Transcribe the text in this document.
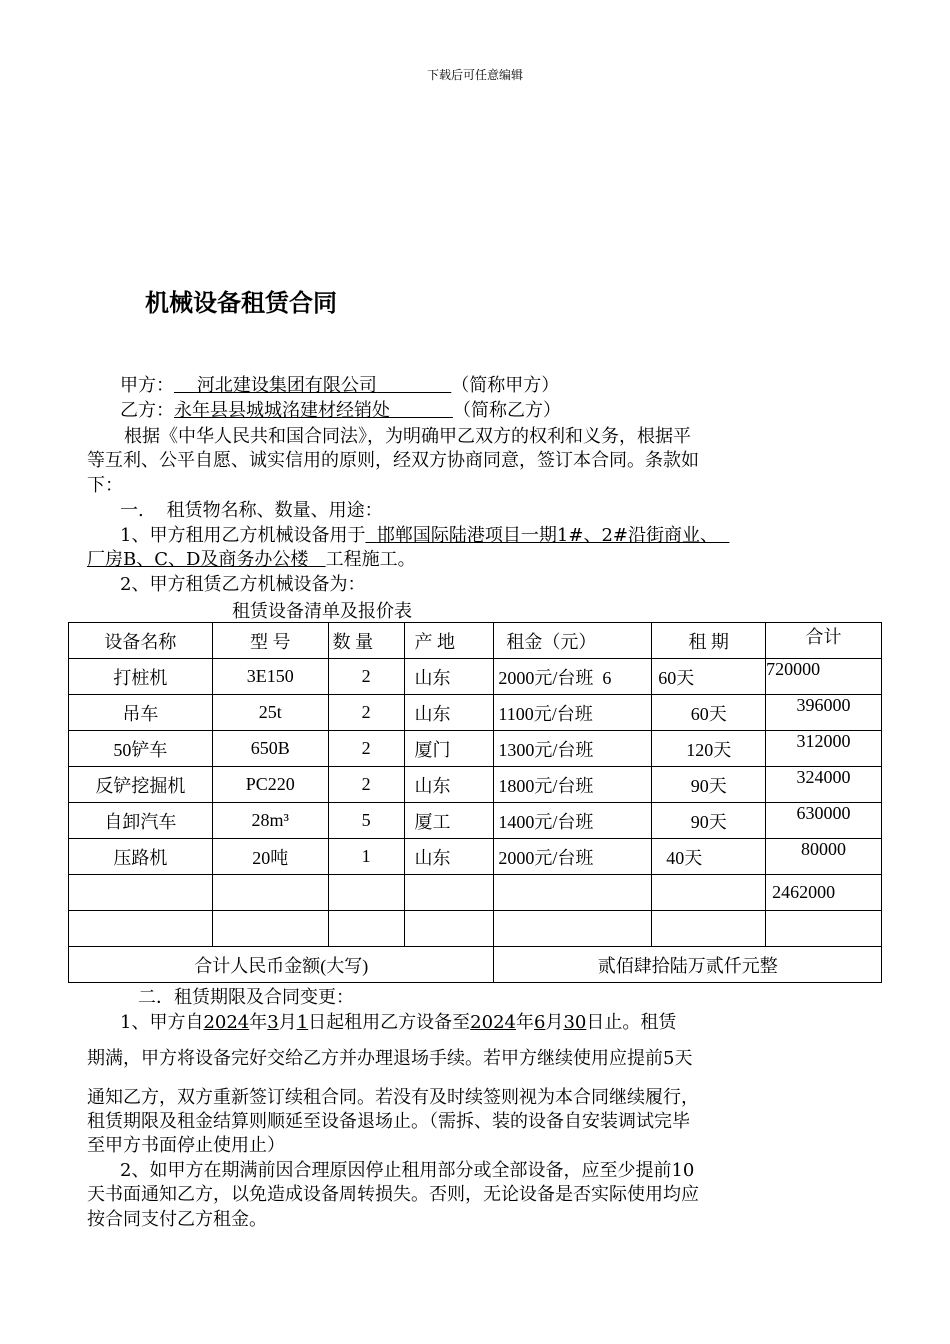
下载后可任意编辑
机械设备租赁合同
甲方： 河北建设集团有限公司	（简称甲方）
乙方：永年县县城城洺建材经销处	（简称乙方）
根据《中华人民共和国合同法》，为明确甲乙双方的权利和义务，根据平
等互利、公平自愿、诚实信用的原则，经双方协商同意，签订本合同。条款如
下：
一.    租赁物名称、数量、用途：
1、甲方租用乙方机械设备用于 邯郸国际陆港项目一期1#、2#沿街商业、
厂房B、C、D及商务办公楼 工程施工。
2、甲方租赁乙方机械设备为：
租赁设备清单及报价表
设备名称	型 号	数 量	产 地	租金（元）	租 期	合计
打桩机	3E150	2	山东	2000元/台班  6	60天	720000
吊车	25t	2	山东	1100元/台班	60天	396000
50铲车	650B	2	厦门	1300元/台班	120天	312000
反铲挖掘机	PC220	2	山东	1800元/台班	90天	324000
自卸汽车	28m³	5	厦工	1400元/台班	90天	630000
压路机	20吨	1	山东	2000元/台班	40天	80000
						2462000

合计人民币金额(大写)				贰佰肆拾陆万贰仟元整		
二．租赁期限及合同变更：
1、甲方自2024年3月1日起租用乙方设备至2024年6月30日止。租赁
期满，甲方将设备完好交给乙方并办理退场手续。若甲方继续使用应提前5天
通知乙方，双方重新签订续租合同。若没有及时续签则视为本合同继续履行，
租赁期限及租金结算则顺延至设备退场止。（需拆、装的设备自安装调试完毕
至甲方书面停止使用止）
2、如甲方在期满前因合理原因停止租用部分或全部设备，应至少提前10
天书面通知乙方，以免造成设备周转损失。否则，无论设备是否实际使用均应
按合同支付乙方租金。
